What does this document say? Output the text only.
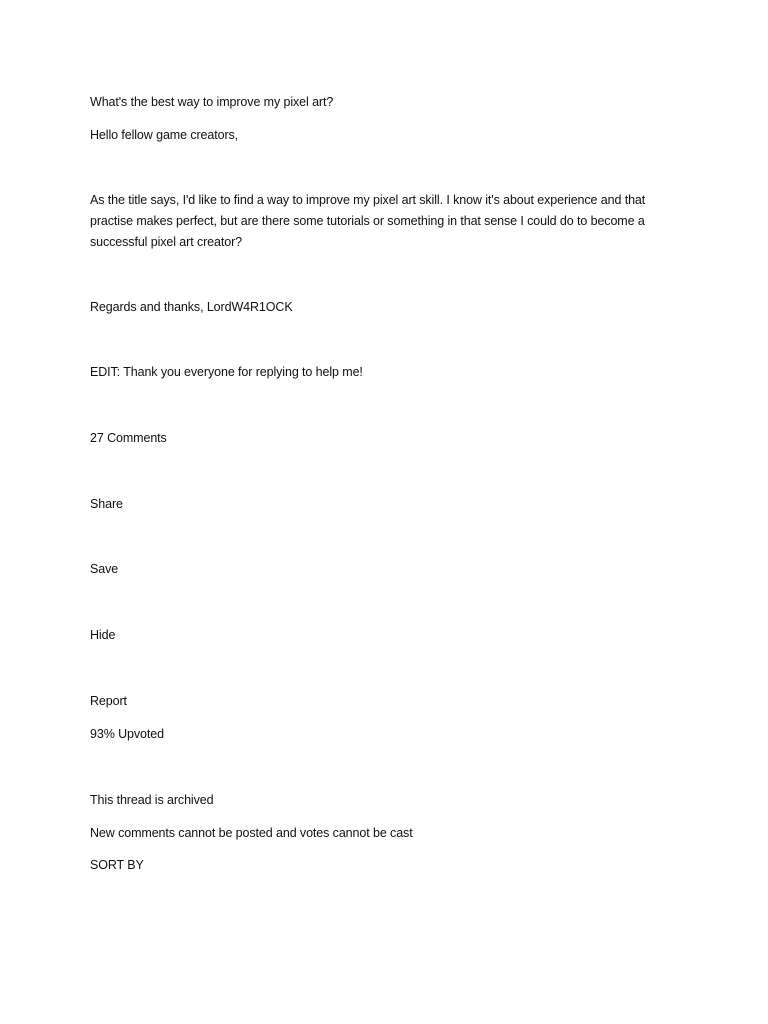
What's the best way to improve my pixel art?
Hello fellow game creators,
As the title says, I'd like to find a way to improve my pixel art skill. I know it's about experience and that practise makes perfect, but are there some tutorials or something in that sense I could do to become a successful pixel art creator?
Regards and thanks, LordW4R1OCK
EDIT: Thank you everyone for replying to help me!
27 Comments
Share
Save
Hide
Report
93% Upvoted
This thread is archived
New comments cannot be posted and votes cannot be cast
SORT BY
